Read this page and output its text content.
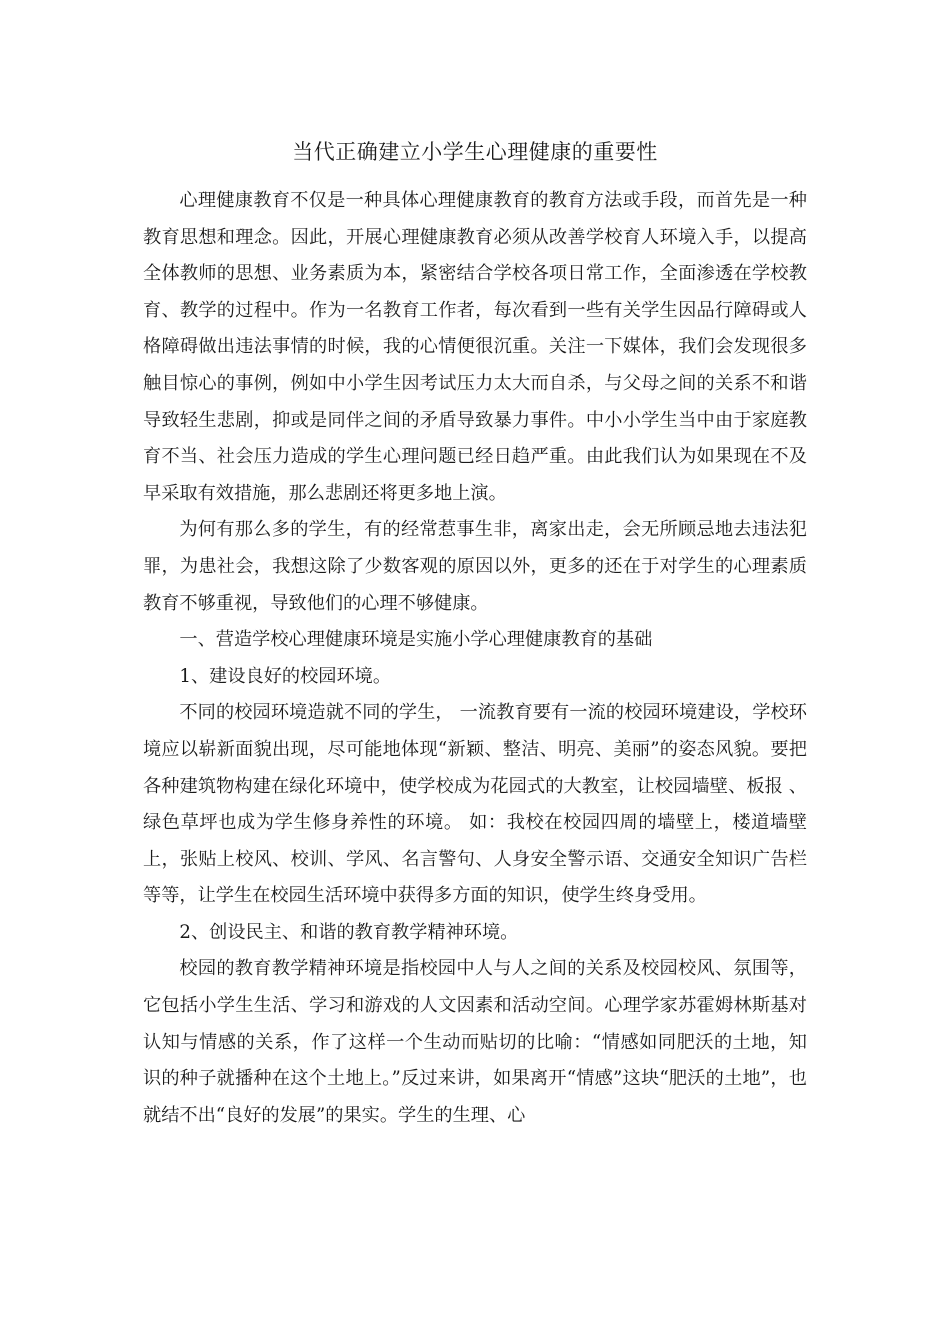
当代正确建立小学生心理健康的重要性

心理健康教育不仅是一种具体心理健康教育的教育方法或手段，而首先是一种教育思想和理念。因此，开展心理健康教育必须从改善学校育人环境入手，以提高全体教师的思想、业务素质为本，紧密结合学校各项日常工作，全面渗透在学校教育、教学的过程中。作为一名教育工作者，每次看到一些有关学生因品行障碍或人格障碍做出违法事情的时候，我的心情便很沉重。关注一下媒体，我们会发现很多触目惊心的事例，例如中小学生因考试压力太大而自杀，与父母之间的关系不和谐导致轻生悲剧，抑或是同伴之间的矛盾导致暴力事件。中小小学生当中由于家庭教育不当、社会压力造成的学生心理问题已经日趋严重。由此我们认为如果现在不及早采取有效措施，那么悲剧还将更多地上演。

为何有那么多的学生，有的经常惹事生非，离家出走，会无所顾忌地去违法犯罪，为患社会，我想这除了少数客观的原因以外，更多的还在于对学生的心理素质教育不够重视，导致他们的心理不够健康。

一、营造学校心理健康环境是实施小学心理健康教育的基础

1、建设良好的校园环境。

不同的校园环境造就不同的学生， 一流教育要有一流的校园环境建设，学校环境应以崭新面貌出现，尽可能地体现“新颖、整洁、明亮、美丽”的姿态风貌。要把各种建筑物构建在绿化环境中，使学校成为花园式的大教室，让校园墙壁、板报 、绿色草坪也成为学生修身养性的环境。 如：我校在校园四周的墙壁上，楼道墙壁上，张贴上校风、校训、学风、名言警句、人身安全警示语、交通安全知识广告栏等等，让学生在校园生活环境中获得多方面的知识，使学生终身受用。

2、创设民主、和谐的教育教学精神环境。

校园的教育教学精神环境是指校园中人与人之间的关系及校园校风、氛围等，它包括小学生生活、学习和游戏的人文因素和活动空间。心理学家苏霍姆林斯基对认知与情感的关系，作了这样一个生动而贴切的比喻：“情感如同肥沃的土地，知识的种子就播种在这个土地上。”反过来讲，如果离开“情感”这块“肥沃的土地”，也就结不出“良好的发展”的果实。学生的生理、心
